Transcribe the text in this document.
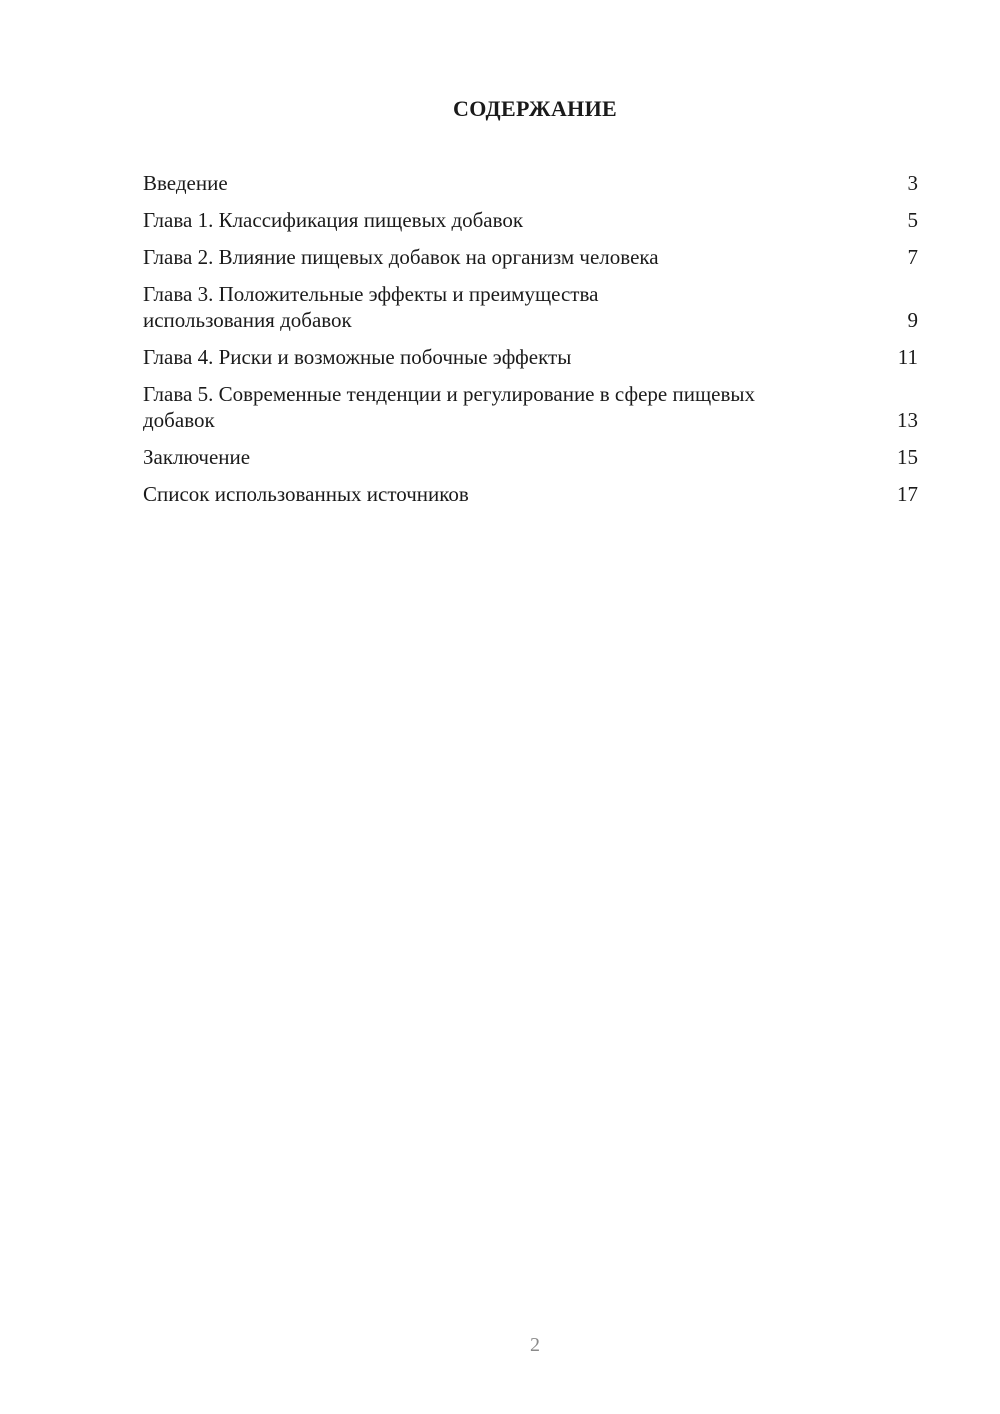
СОДЕРЖАНИЕ
Введение	3
Глава 1. Классификация пищевых добавок	5
Глава 2. Влияние пищевых добавок на организм человека	7
Глава 3. Положительные эффекты и преимущества использования добавок	9
Глава 4. Риски и возможные побочные эффекты	11
Глава 5. Современные тенденции и регулирование в сфере пищевых добавок	13
Заключение	15
Список использованных источников	17
2
